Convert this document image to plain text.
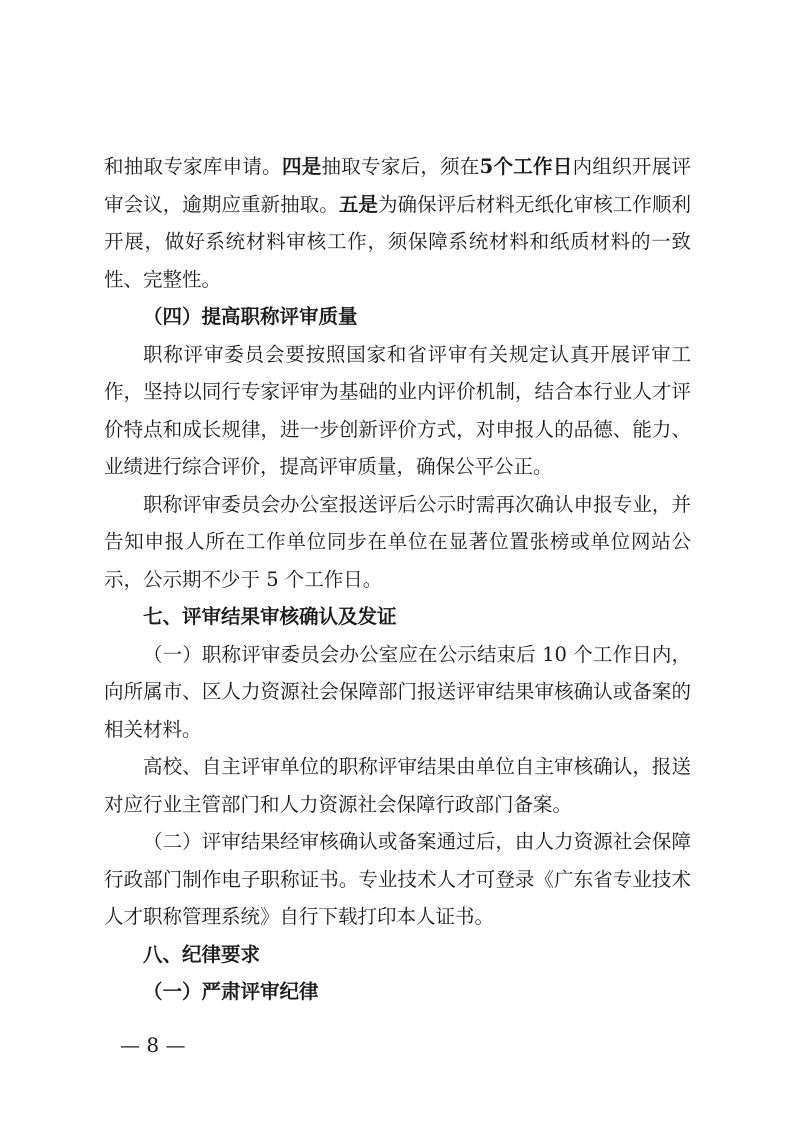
和抽取专家库申请。四是抽取专家后，须在5个工作日内组织开展评审会议，逾期应重新抽取。五是为确保评后材料无纸化审核工作顺利开展，做好系统材料审核工作，须保障系统材料和纸质材料的一致性、完整性。

（四）提高职称评审质量

职称评审委员会要按照国家和省评审有关规定认真开展评审工作，坚持以同行专家评审为基础的业内评价机制，结合本行业人才评价特点和成长规律，进一步创新评价方式，对申报人的品德、能力、业绩进行综合评价，提高评审质量，确保公平公正。

职称评审委员会办公室报送评后公示时需再次确认申报专业，并告知申报人所在工作单位同步在单位在显著位置张榜或单位网站公示，公示期不少于 5 个工作日。

七、评审结果审核确认及发证

（一）职称评审委员会办公室应在公示结束后 10 个工作日内，向所属市、区人力资源社会保障部门报送评审结果审核确认或备案的相关材料。

高校、自主评审单位的职称评审结果由单位自主审核确认，报送对应行业主管部门和人力资源社会保障行政部门备案。

（二）评审结果经审核确认或备案通过后，由人力资源社会保障行政部门制作电子职称证书。专业技术人才可登录《广东省专业技术人才职称管理系统》自行下载打印本人证书。

八、纪律要求

（一）严肃评审纪律

— 8 —
